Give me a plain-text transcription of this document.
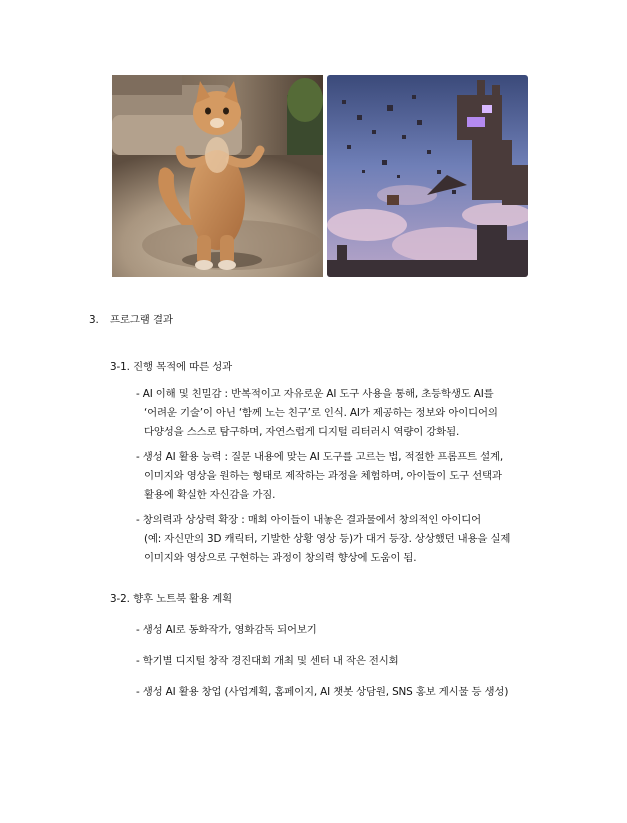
3. 프로그램 결과
3-1. 진행 목적에 따른 성과
- AI 이해 및 친밀감 : 반복적이고 자유로운 AI 도구 사용을 통해, 초등학생도 AI를
‘어려운 기술’이 아닌 ‘함께 노는 친구’로 인식. AI가 제공하는 정보와 아이디어의
다양성을 스스로 탐구하며, 자연스럽게 디지털 리터러시 역량이 강화됨.
- 생성 AI 활용 능력 : 질문 내용에 맞는 AI 도구를 고르는 법, 적절한 프롬프트 설계,
이미지와 영상을 원하는 형태로 제작하는 과정을 체험하며, 아이들이 도구 선택과
활용에 확실한 자신감을 가짐.
- 창의력과 상상력 확장 : 매회 아이들이 내놓은 결과물에서 창의적인 아이디어
(예: 자신만의 3D 캐릭터, 기발한 상황 영상 등)가 대거 등장. 상상했던 내용을 실제
이미지와 영상으로 구현하는 과정이 창의력 향상에 도움이 됨.
3-2. 향후 노트북 활용 계획
- 생성 AI로 동화작가, 영화감독 되어보기
- 학기별 디지털 창작 경진대회 개최 및 센터 내 작은 전시회
- 생성 AI 활용 창업 (사업계획, 홈페이지, AI 챗봇 상담원, SNS 홍보 게시물 등 생성)
